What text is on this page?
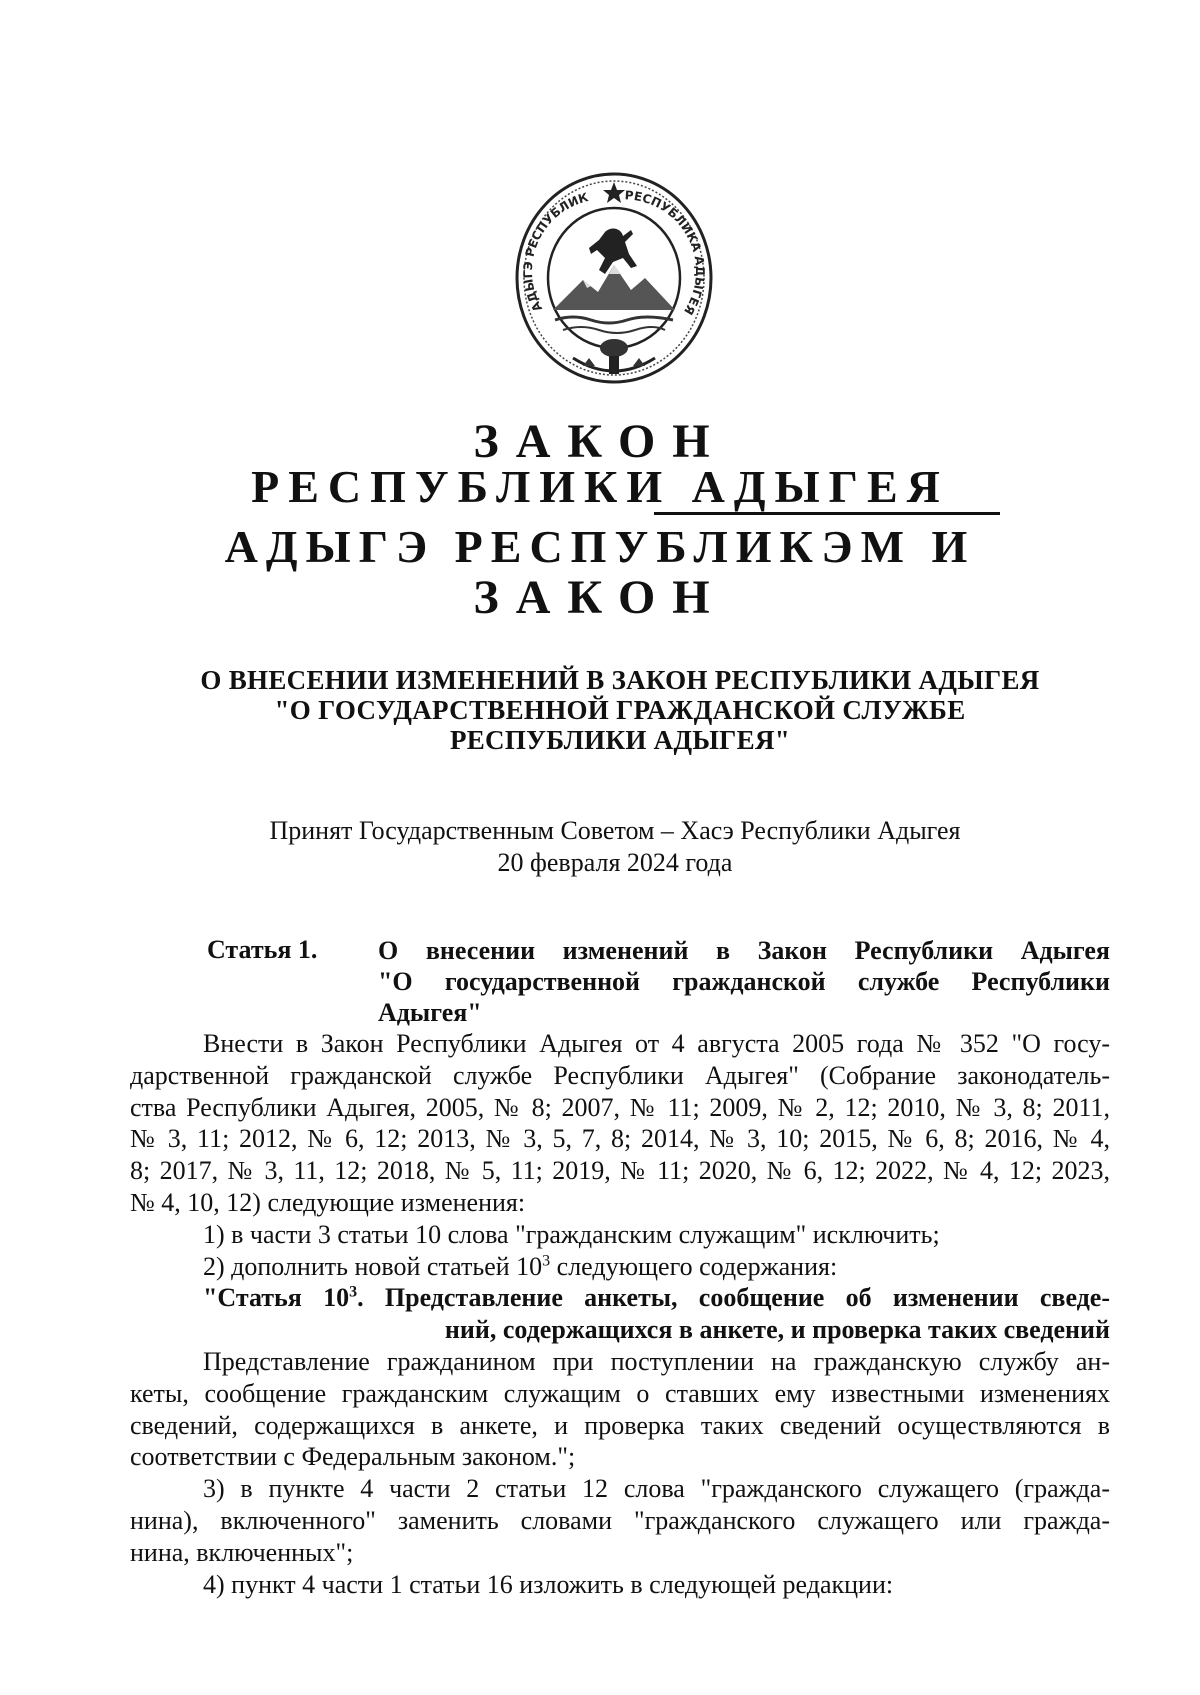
АДЫГЭ РЕСПУБЛИК	РЕСПУБЛИКА АДЫГЕЯ
ЗАКОН
РЕСПУБЛИКИ АДЫГЕЯ
АДЫГЭ РЕСПУБЛИКЭМ И
ЗАКОН
О ВНЕСЕНИИ ИЗМЕНЕНИЙ В ЗАКОН РЕСПУБЛИКИ АДЫГЕЯ
"О ГОСУДАРСТВЕННОЙ ГРАЖДАНСКОЙ СЛУЖБЕ
РЕСПУБЛИКИ АДЫГЕЯ"
Принят Государственным Советом – Хасэ Республики Адыгея
20 февраля 2024 года
Статья 1. О внесении изменений в Закон Республики Адыгея
"О государственной гражданской службе Республики
Адыгея"
Внести в Закон Республики Адыгея от 4 августа 2005 года № 352 "О госу-
дарственной гражданской службе Республики Адыгея" (Собрание законодатель-
ства Республики Адыгея, 2005, № 8; 2007, № 11; 2009, № 2, 12; 2010, № 3, 8; 2011,
№ 3, 11; 2012, № 6, 12; 2013, № 3, 5, 7, 8; 2014, № 3, 10; 2015, № 6, 8; 2016, № 4,
8; 2017, № 3, 11, 12; 2018, № 5, 11; 2019, № 11; 2020, № 6, 12; 2022, № 4, 12; 2023,
№ 4, 10, 12) следующие изменения:
1) в части 3 статьи 10 слова "гражданским служащим" исключить;
2) дополнить новой статьей $10^3$ следующего содержания:
"Статья $10^3$. Представление анкеты, сообщение об изменении сведе-
ний, содержащихся в анкете, и проверка таких сведений
Представление гражданином при поступлении на гражданскую службу ан-
кеты, сообщение гражданским служащим о ставших ему известными изменениях
сведений, содержащихся в анкете, и проверка таких сведений осуществляются в
соответствии с Федеральным законом.";
3) в пункте 4 части 2 статьи 12 слова "гражданского служащего (гражда-
нина), включенного" заменить словами "гражданского служащего или гражда-
нина, включенных";
4) пункт 4 части 1 статьи 16 изложить в следующей редакции:
